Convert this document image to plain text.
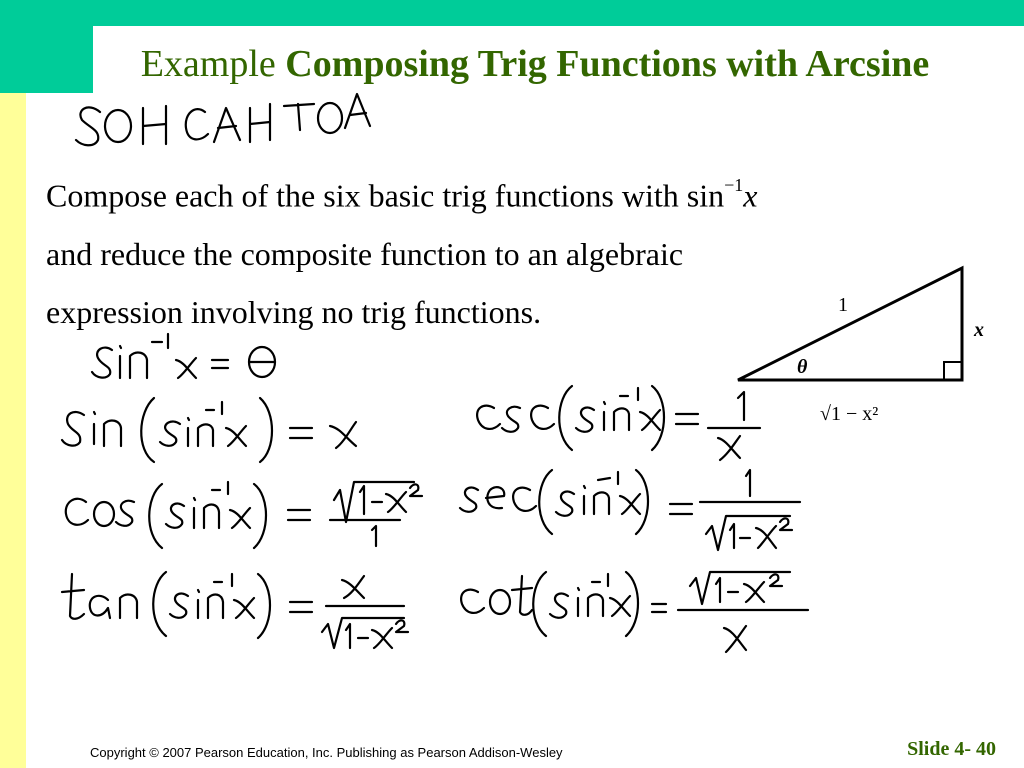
Example Composing Trig Functions with Arcsine
Compose each of the six basic trig functions with $\sin^{-1}x$
and reduce the composite function to an algebraic
expression involving no trig functions.	1
x
θ
√1 − x²
Copyright © 2007 Pearson Education, Inc. Publishing as Pearson Addison-Wesley	Slide 4- 40
